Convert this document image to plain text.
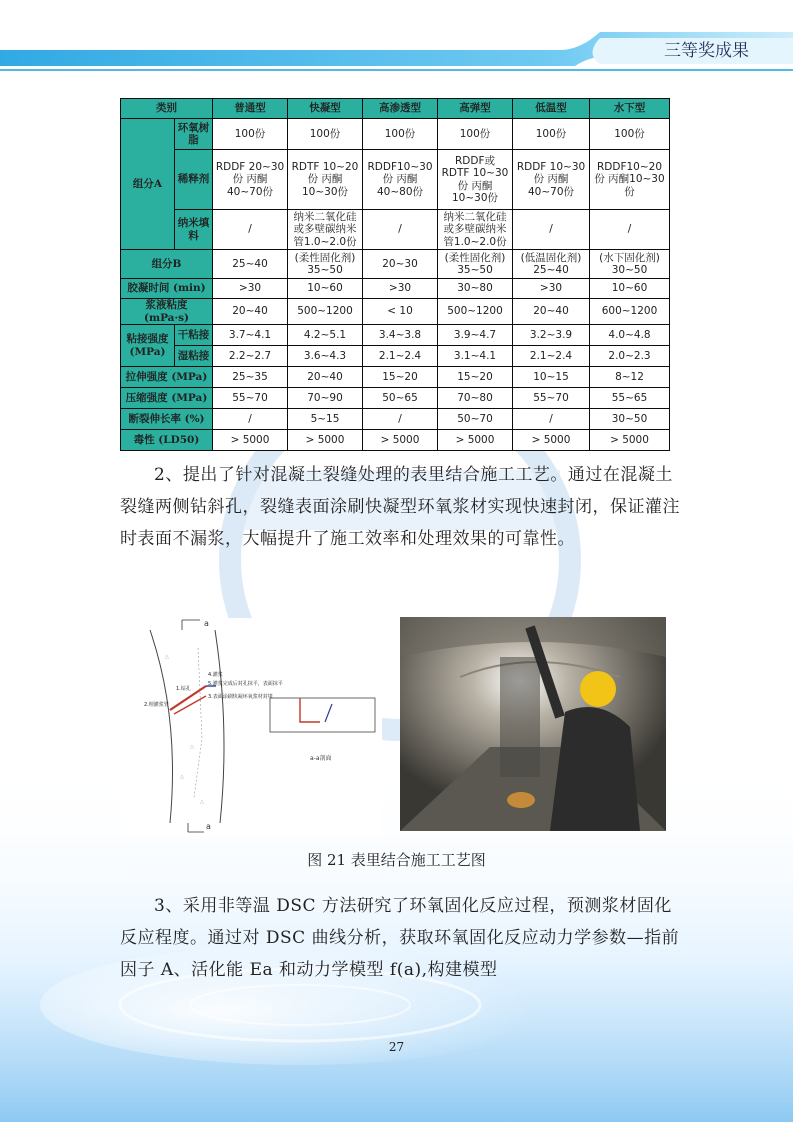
三等奖成果
类别		普通型	快凝型	高渗透型	高弹型	低温型	水下型
组分A	环氧树脂	100份	100份	100份	100份	100份	100份
	稀释剂	RDDF 20~30份 丙酮 40~70份	RDTF 10~20份 丙酮10~30份	RDDF10~30份 丙酮 40~80份	RDDF或 RDTF 10~30份 丙酮 10~30份	RDDF 10~30份 丙酮 40~70份	RDDF10~20份 丙酮10~30份
	纳米填料	/	纳米二氧化硅或多壁碳纳米管1.0~2.0份	/	纳米二氧化硅或多壁碳纳米管1.0~2.0份	/	/
组分B		25~40	(柔性固化剂) 35~50	20~30	(柔性固化剂) 35~50	(低温固化剂) 25~40	(水下固化剂) 30~50
胶凝时间 (min)		>30	10~60	>30	30~80	>30	10~60
浆液粘度 (mPa·s)		20~40	500~1200	< 10	500~1200	20~40	600~1200
粘接强度 (MPa)	干粘接	3.7~4.1	4.2~5.1	3.4~3.8	3.9~4.7	3.2~3.9	4.0~4.8
	湿粘接	2.2~2.7	3.6~4.3	2.1~2.4	3.1~4.1	2.1~2.4	2.0~2.3
拉伸强度 (MPa)		25~35	20~40	15~20	15~20	10~15	8~12
压缩强度 (MPa)		55~70	70~90	50~65	70~80	55~70	55~65
断裂伸长率 (%)		/	5~15	/	50~70	/	30~50
毒性 (LD50)		> 5000	> 5000	> 5000	> 5000	> 5000	> 5000

2、提出了针对混凝土裂缝处理的表里结合施工工艺。通过在混凝土裂缝两侧钻斜孔，裂缝表面涂刷快凝型环氧浆材实现快速封闭，保证灌注时表面不漏浆，大幅提升了施工效率和处理效果的可靠性。

a
a
1.钻孔
2.埋灌浆管
3.表面涂刷快凝环氧浆材封堵
4.灌浆
5.灌浆完成后封孔抹平，表面抹平
△
△
△
△
a-a剖面
图 21 表里结合施工工艺图

3、采用非等温 DSC 方法研究了环氧固化反应过程，预测浆材固化反应程度。通过对 DSC 曲线分析，获取环氧固化反应动力学参数—指前因子 A、活化能 Ea 和动力学模型 f(a),构建模型

27
